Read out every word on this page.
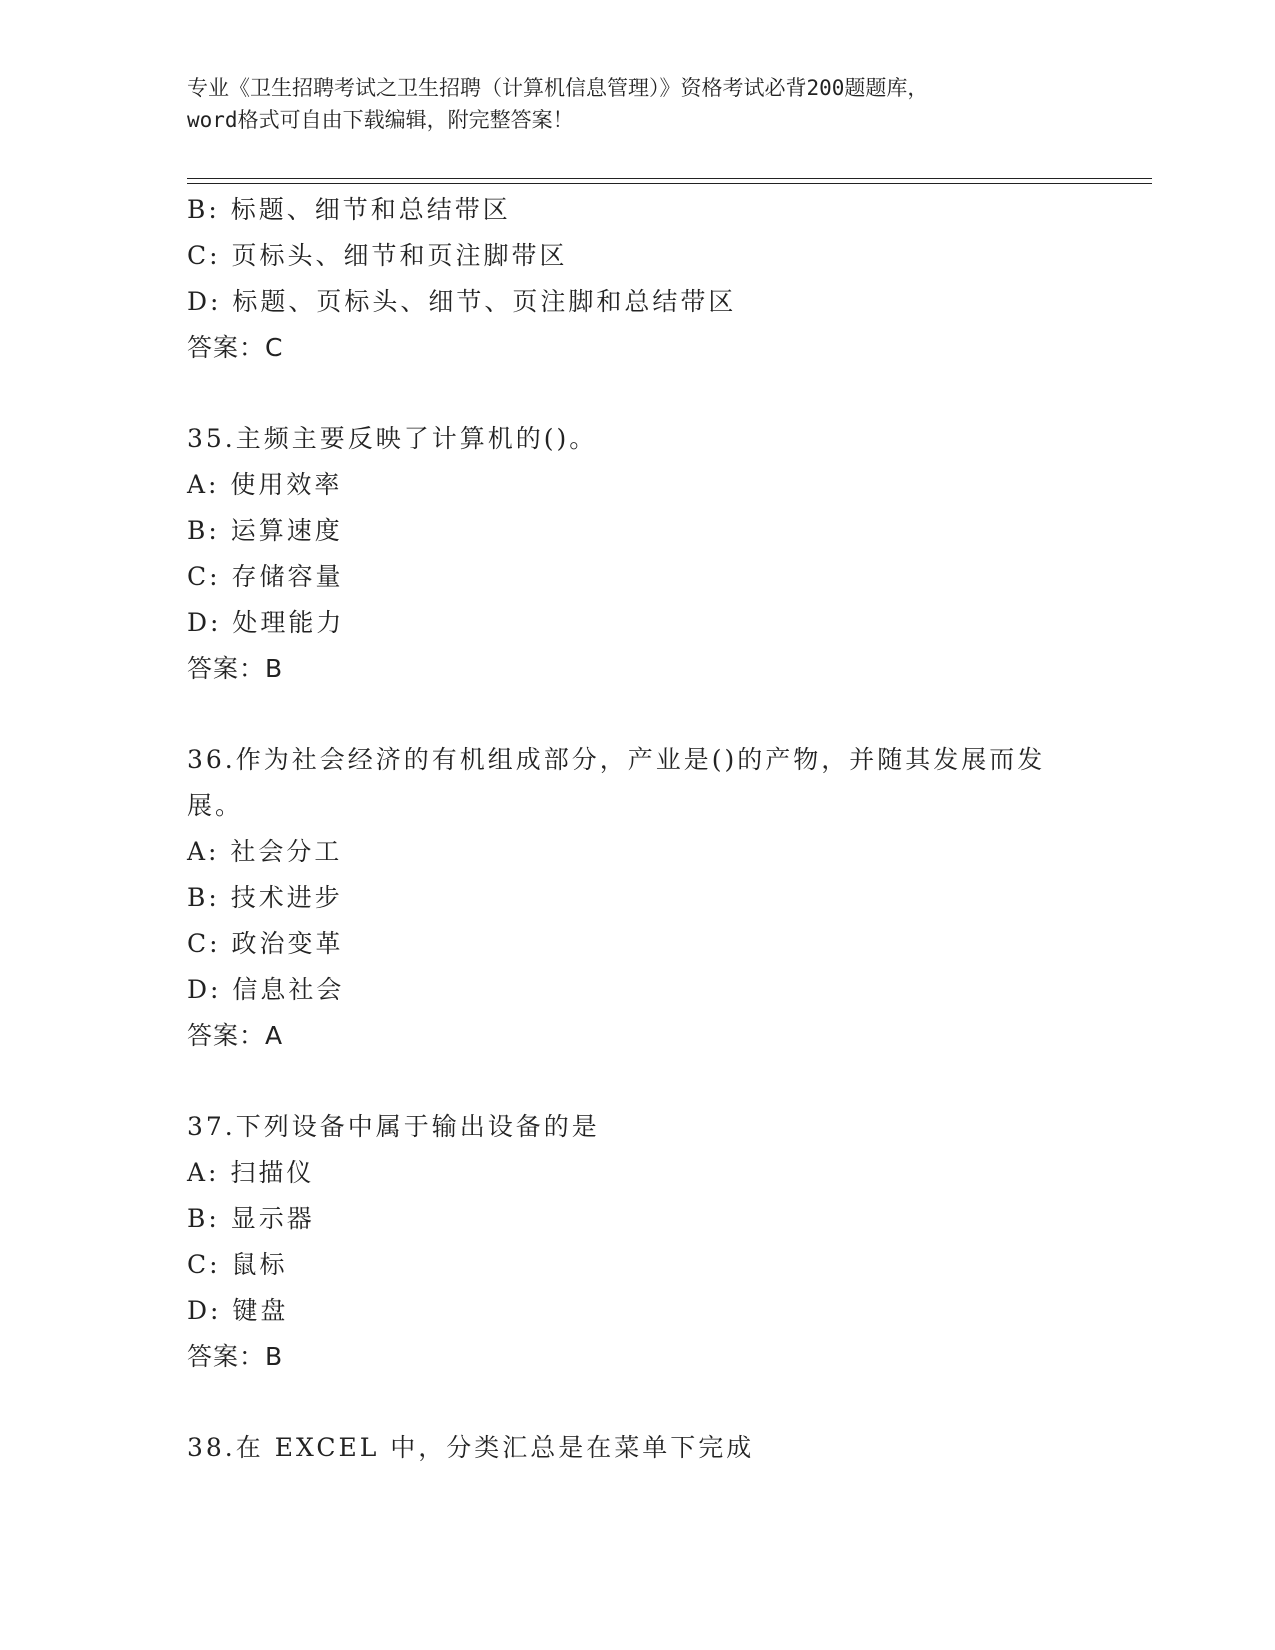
专业《卫生招聘考试之卫生招聘（计算机信息管理）》资格考试必背200题题库，
word格式可自由下载编辑，附完整答案！
B: 标题、细节和总结带区
C: 页标头、细节和页注脚带区
D: 标题、页标头、细节、页注脚和总结带区
答案：C
35.主频主要反映了计算机的()。
A: 使用效率
B: 运算速度
C: 存储容量
D: 处理能力
答案：B
36.作为社会经济的有机组成部分，产业是()的产物，并随其发展而发展。
A: 社会分工
B: 技术进步
C: 政治变革
D: 信息社会
答案：A
37.下列设备中属于输出设备的是
A: 扫描仪
B: 显示器
C: 鼠标
D: 键盘
答案：B
38.在 EXCEL 中，分类汇总是在菜单下完成
